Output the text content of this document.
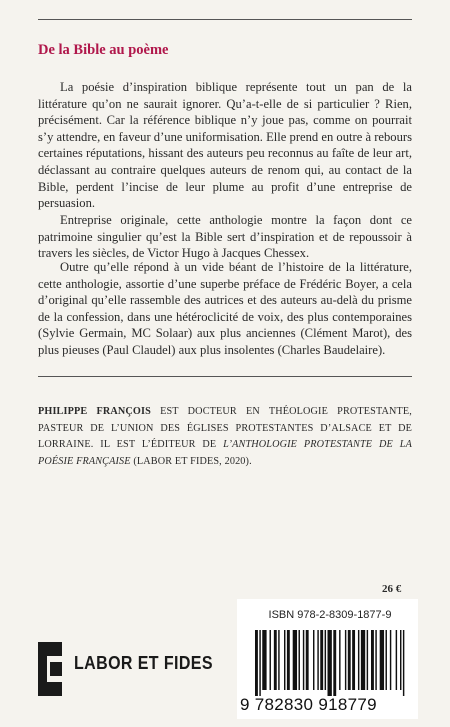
De la Bible au poème

La poésie d’inspiration biblique représente tout un pan de la littérature qu’on ne saurait ignorer. Qu’a-t-elle de si particulier ? Rien, précisément. Car la référence biblique n’y joue pas, comme on pourrait s’y attendre, en faveur d’une uniformisation. Elle prend en outre à rebours certaines réputations, hissant des auteurs peu reconnus au faîte de leur art, déclassant au contraire quelques auteurs de renom qui, au contact de la Bible, perdent l’incise de leur plume au profit d’une entreprise de persuasion.

Entreprise originale, cette anthologie montre la façon dont ce patrimoine singulier qu’est la Bible sert d’inspiration et de repoussoir à travers les siècles, de Victor Hugo à Jacques Chessex.

Outre qu’elle répond à un vide béant de l’histoire de la littérature, cette anthologie, assortie d’une superbe préface de Frédéric Boyer, a cela d’original qu’elle rassemble des autrices et des auteurs au-delà du prisme de la confession, dans une hétéroclicité de voix, des plus contemporaines (Sylvie Germain, MC Solaar) aux plus anciennes (Clément Marot), des plus pieuses (Paul Claudel) aux plus insolentes (Charles Baudelaire).

PHILIPPE FRANÇOIS EST DOCTEUR EN THÉOLOGIE PROTESTANTE, PASTEUR DE L’UNION DES ÉGLISES PROTESTANTES D’ALSACE ET DE LORRAINE. IL EST L’ÉDITEUR DE L’ANTHOLOGIE PROTESTANTE DE LA POÉSIE FRANÇAISE (LABOR ET FIDES, 2020).
26 €
LABOR ET FIDES
ISBN 978-2-8309-1877-9
9 782830 918779
